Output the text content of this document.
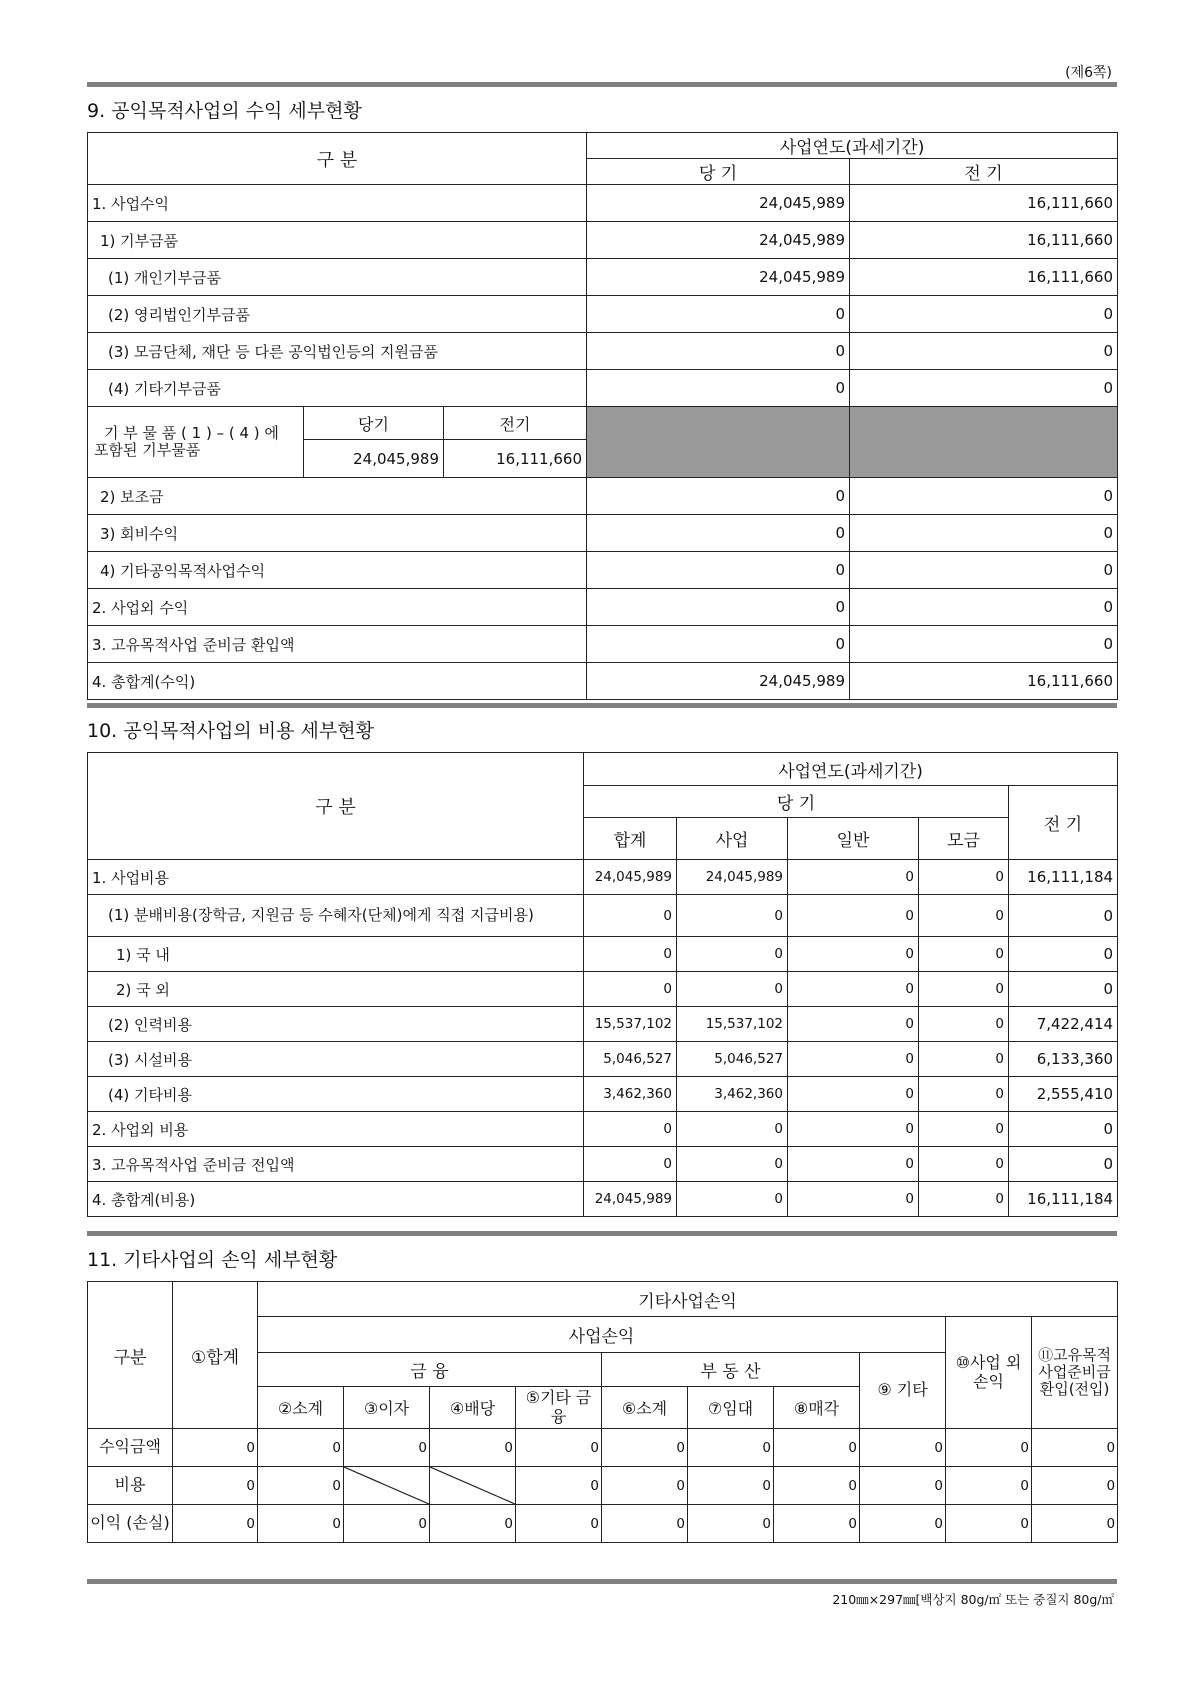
(제6쪽)
9. 공익목적사업의 수익 세부현황
구 분			사업연도(과세기간)	
			당 기	전 기
1. 사업수익			24,045,989	16,111,660
1) 기부금품			24,045,989	16,111,660
(1) 개인기부금품			24,045,989	16,111,660
(2) 영리법인기부금품			0	0
(3) 모금단체, 재단 등 다른 공익법인등의 지원금품			0	0
(4) 기타기부금품			0	0

기 부 물 품 ( 1 ) – ( 4 ) 에
포함된 기부물품	당기	전기		
	24,045,989	16,111,660		
2) 보조금			0	0
3) 회비수익			0	0
4) 기타공익목적사업수익			0	0
2. 사업외 수익			0	0
3. 고유목적사업 준비금 환입액			0	0
4. 총합계(수익)			24,045,989	16,111,660
10. 공익목적사업의 비용 세부현황
구 분	사업연도(과세기간)				
	당 기				전 기
	합계	사업	일반	모금	
1. 사업비용	24,045,989	24,045,989	0	0	16,111,184
(1) 분배비용(장학금, 지원금 등 수혜자(단체)에게 직접 지급비용)	0	0	0	0	0
1) 국 내	0	0	0	0	0
2) 국 외	0	0	0	0	0
(2) 인력비용	15,537,102	15,537,102	0	0	7,422,414
(3) 시설비용	5,046,527	5,046,527	0	0	6,133,360
(4) 기타비용	3,462,360	3,462,360	0	0	2,555,410
2. 사업외 비용	0	0	0	0	0
3. 고유목적사업 준비금 전입액	0	0	0	0	0
4. 총합계(비용)	24,045,989	0	0	0	16,111,184
11. 기타사업의 손익 세부현황
구분	①합계	기타사업손익									
		사업손익								⑩사업 외손익	⑪고유목적사업준비금환입(전입)
		금 융				부 동 산			⑨ 기타		
		②소계	③이자	④배당	⑤기타 금융	⑥소계	⑦임대	⑧매각			
수익금액	0	0	0	0	0	0	0	0	0	0	0
비용	0	0			0	0	0	0	0	0	0
이익 (손실)	0	0	0	0	0	0	0	0	0	0	0
210㎜×297㎜[백상지 80g/㎡ 또는 중질지 80g/㎡
